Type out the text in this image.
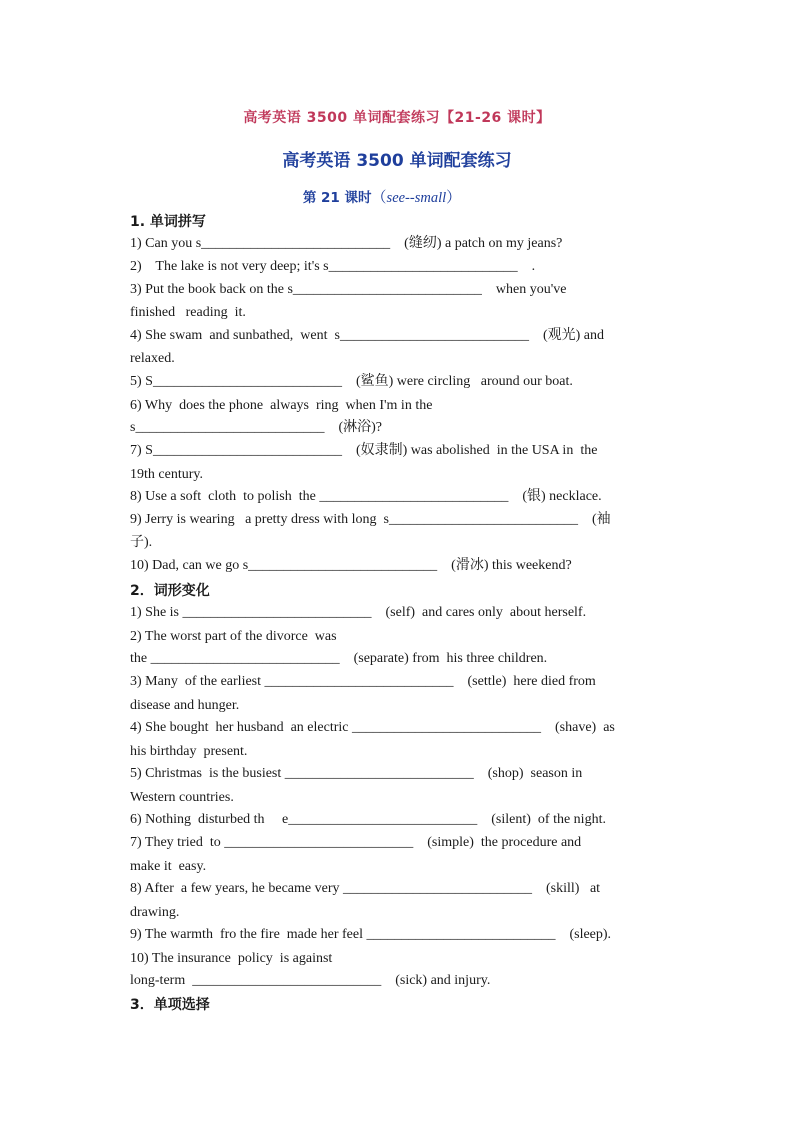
高考英语 3500 单词配套练习【21-26 课时】
高考英语 3500 单词配套练习
第 21 课时（see--small）
1. 单词拼写
1) Can you s___________________________    (缝纫) a patch on my jeans?
2)    The lake is not very deep; it's s___________________________    .
3) Put the book back on the s___________________________    when you've
finished   reading  it.
4) She swam  and sunbathed,  went  s___________________________    (观光) and
relaxed.
5) S___________________________    (鲨鱼) were circling   around our boat.
6) Why  does the phone  always  ring  when I'm in the
s___________________________    (淋浴)?
7) S___________________________    (奴隶制) was abolished  in the USA in  the
19th century.
8) Use a soft  cloth  to polish  the ___________________________    (银) necklace.
9) Jerry is wearing   a pretty dress with long  s___________________________    (袖
子).
10) Dad, can we go s___________________________    (滑冰) this weekend?
2．词形变化
1) She is ___________________________    (self)  and cares only  about herself.
2) The worst part of the divorce  was
the ___________________________    (separate) from  his three children.
3) Many  of the earliest ___________________________    (settle)  here died from
disease and hunger.
4) She bought  her husband  an electric ___________________________    (shave)  as
his birthday  present.
5) Christmas  is the busiest ___________________________    (shop)  season in
Western countries.
6) Nothing  disturbed th     e___________________________    (silent)  of the night.
7) They tried  to ___________________________    (simple)  the procedure and
make it  easy.
8) After  a few years, he became very ___________________________    (skill)   at
drawing.
9) The warmth  fro the fire  made her feel ___________________________    (sleep).
10) The insurance  policy  is against
long-term  ___________________________    (sick) and injury.
3．单项选择
